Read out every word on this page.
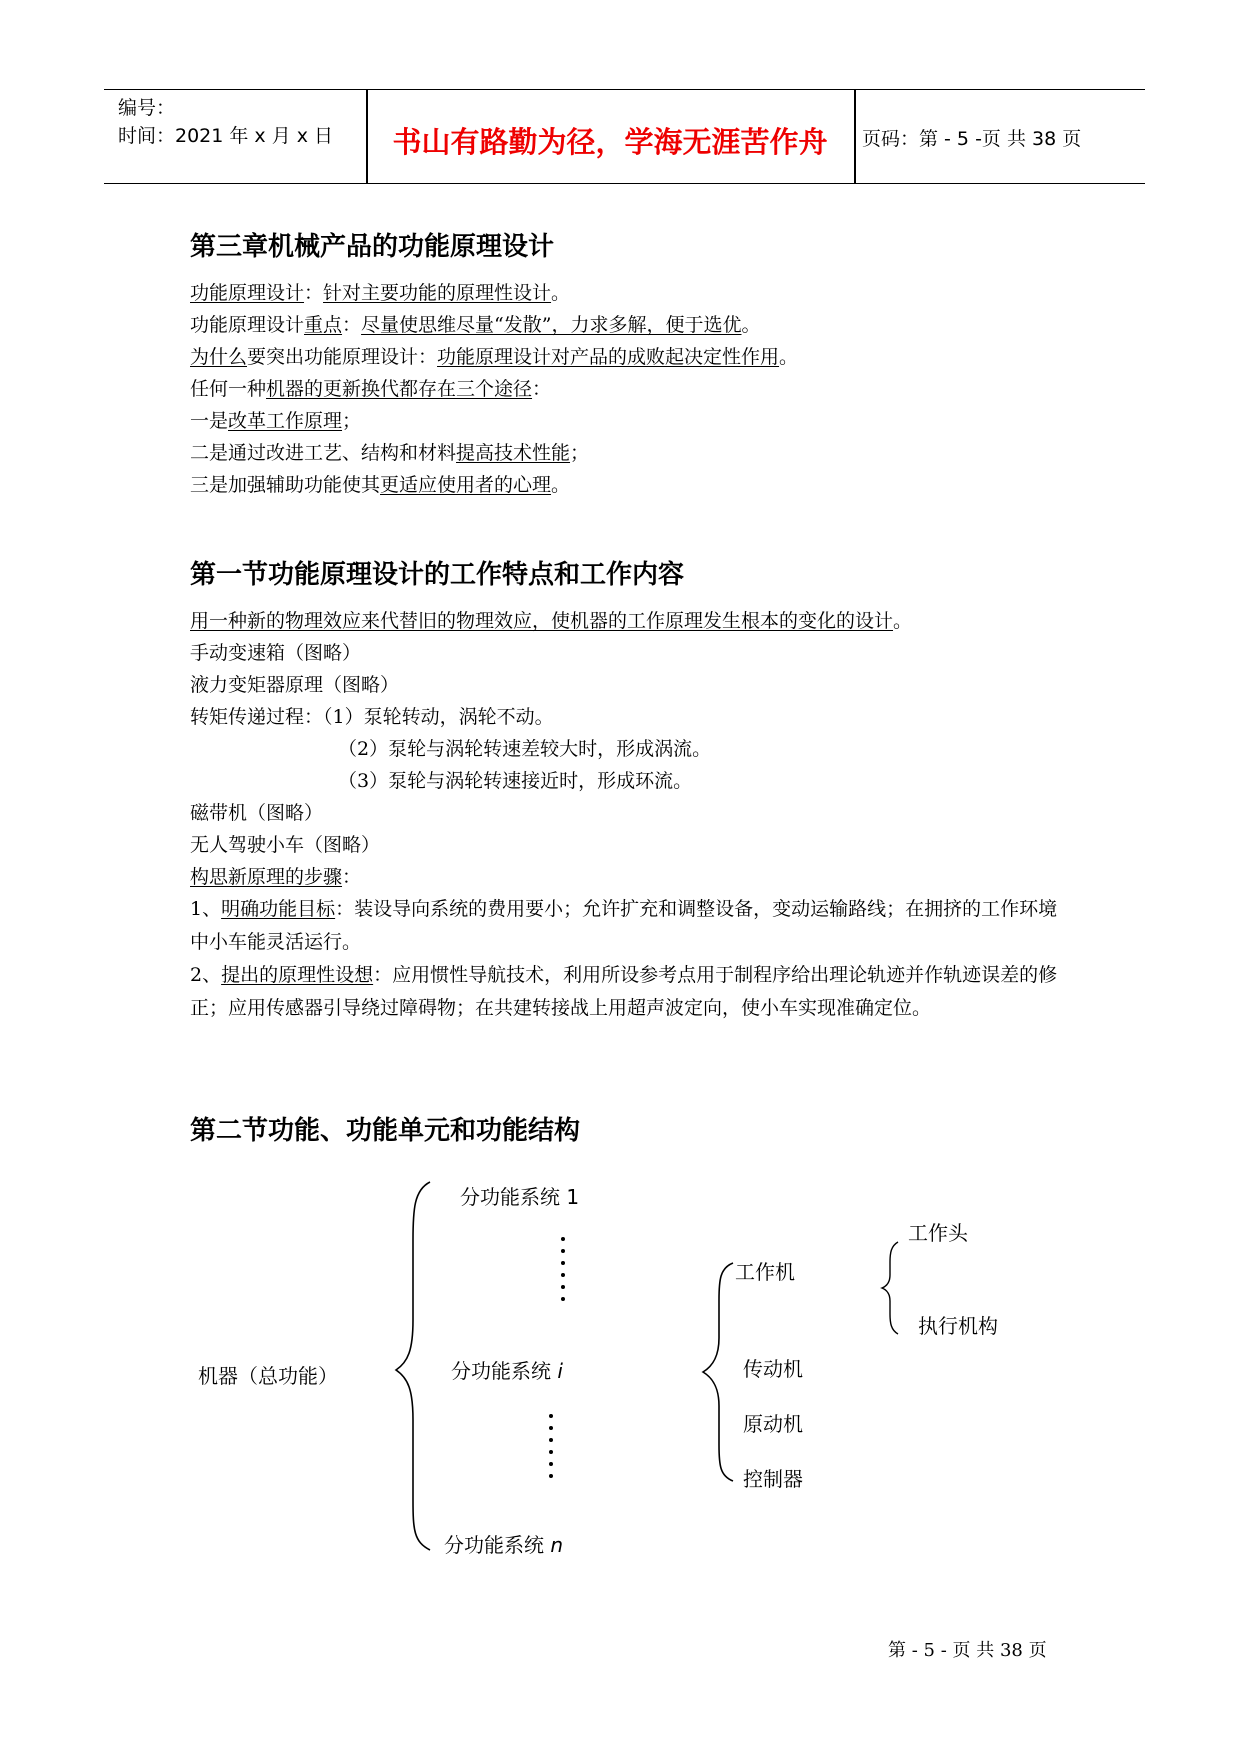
编号：
时间：2021 年 x 月 x 日	书山有路勤为径，学海无涯苦作舟	页码：第 - 5 -页 共 38 页
第三章机械产品的功能原理设计
功能原理设计：针对主要功能的原理性设计。
功能原理设计重点：尽量使思维尽量“发散”，力求多解，便于选优。
为什么要突出功能原理设计：功能原理设计对产品的成败起决定性作用。
任何一种机器的更新换代都存在三个途径：
一是改革工作原理；
二是通过改进工艺、结构和材料提高技术性能；
三是加强辅助功能使其更适应使用者的心理。
第一节功能原理设计的工作特点和工作内容
用一种新的物理效应来代替旧的物理效应，使机器的工作原理发生根本的变化的设计。
手动变速箱（图略）
液力变矩器原理（图略）
转矩传递过程：（1）泵轮转动，涡轮不动。
（2）泵轮与涡轮转速差较大时，形成涡流。
（3）泵轮与涡轮转速接近时，形成环流。
磁带机（图略）
无人驾驶小车（图略）
构思新原理的步骤：
1、明确功能目标：装设导向系统的费用要小；允许扩充和调整设备，变动运输路线；在拥挤的工作环境中小车能灵活运行。
2、提出的原理性设想：应用惯性导航技术，利用所设参考点用于制程序给出理论轨迹并作轨迹误差的修正；应用传感器引导绕过障碍物；在共建转接战上用超声波定向，使小车实现准确定位。
第二节功能、功能单元和功能结构
分功能系统 1
分功能系统 i
分功能系统 n
机器（总功能）
工作机
传动机
原动机
控制器
工作头
执行机构
第 - 5 - 页 共 38 页
